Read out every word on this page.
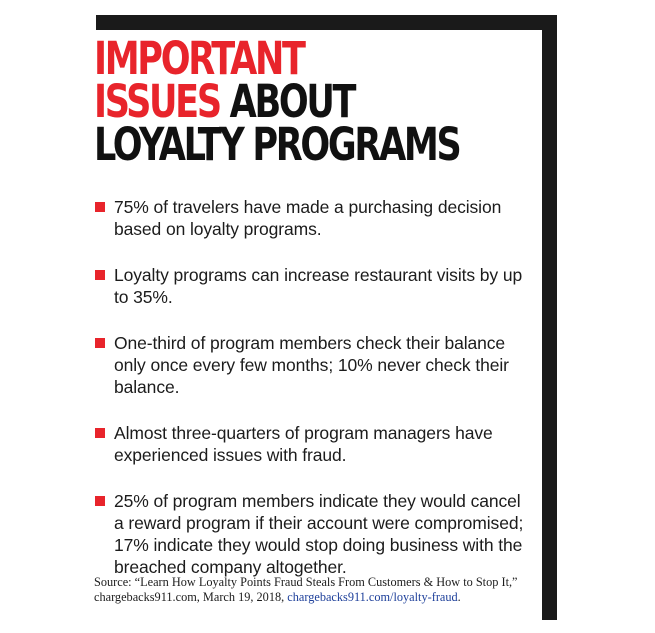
IMPORTANT
ISSUES ABOUT
LOYALTY PROGRAMS
75% of travelers have made a purchasing decision based on loyalty programs.
Loyalty programs can increase restaurant visits by up to 35%.
One-third of program members check their balance only once every few months; 10% never check their balance.
Almost three-quarters of program managers have experienced issues with fraud.
25% of program members indicate they would cancel a reward program if their account were compromised; 17% indicate they would stop doing business with the breached company altogether.

Source: “Learn How Loyalty Points Fraud Steals From Customers & How to Stop It,” chargebacks911.com, March 19, 2018, chargebacks911.com/loyalty-fraud.
